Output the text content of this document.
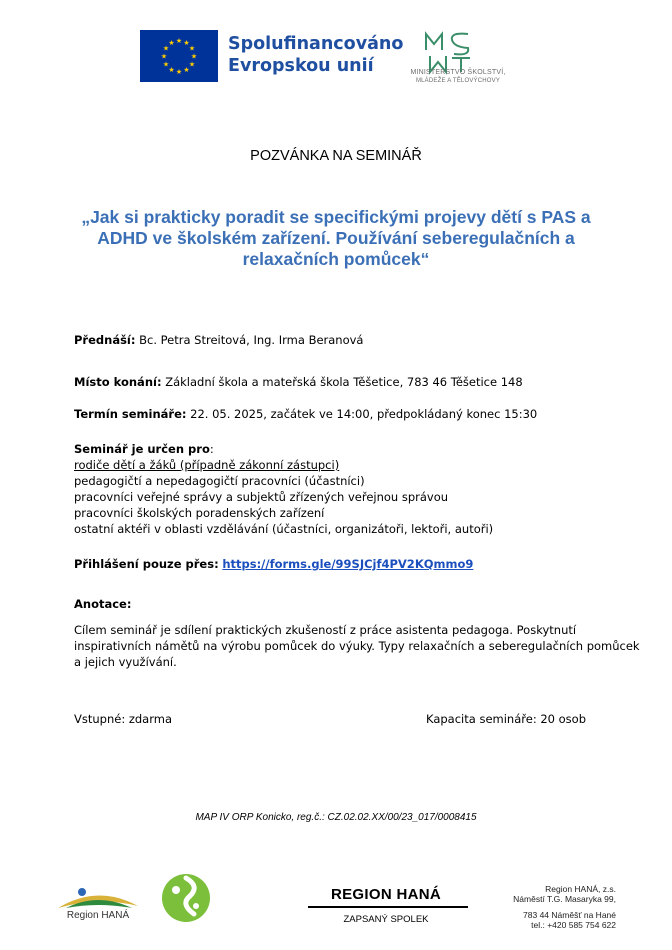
★ ★
★
★
★
★
★
★
★
★
★
★	Spolufinancováno
Evropskou unií	MINISTERSTVO ŠKOLSTVÍ,
MLÁDEŽE A TĚLOVÝCHOVY
POZVÁNKA NA SEMINÁŘ
„Jak si prakticky poradit se specifickými projevy dětí s PAS a
ADHD ve školském zařízení. Používání seberegulačních a
relaxačních pomůcek“
Přednáší: Bc. Petra Streitová, Ing. Irma Beranová
Místo konání: Základní škola a mateřská škola Těšetice, 783 46 Těšetice 148
Termín semináře: 22. 05. 2025, začátek ve 14:00, předpokládaný konec 15:30
Seminář je určen pro:
rodiče dětí a žáků (případně zákonní zástupci)
pedagogičtí a nepedagogičtí pracovníci (účastníci)
pracovníci veřejné správy a subjektů zřízených veřejnou správou
pracovníci školských poradenských zařízení
ostatní aktéři v oblasti vzdělávání (účastníci, organizátoři, lektoři, autoři)
Přihlášení pouze přes: https://forms.gle/99SJCjf4PV2KQmmo9
Anotace:
Cílem seminář je sdílení praktických zkušeností z práce asistenta pedagoga. Poskytnutí
inspirativních námětů na výrobu pomůcek do výuky. Typy relaxačních a seberegulačních pomůcek
a jejich využívání.
Vstupné: zdarma	Kapacita semináře: 20 osob
MAP IV ORP Konicko, reg.č.: CZ.02.02.XX/00/23_017/0008415
Region HANÁ
REGION HANÁ
ZAPSANÝ SPOLEK
Region HANÁ, z.s.
Náměstí T.G. Masaryka 99,
783 44 Náměšť na Hané
tel.: +420 585 754 622
